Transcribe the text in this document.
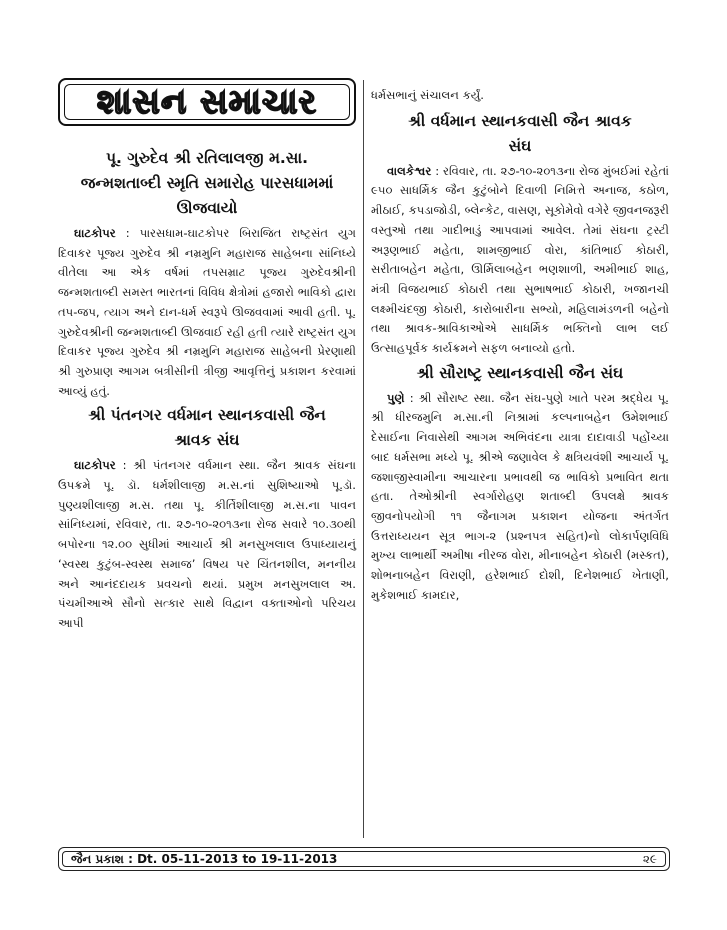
શાસન સમાચાર
પૂ. ગુરુદેવ શ્રી રતિલાલજી મ.સા. જન્મશતાબ્દી સ્મૃતિ સમારોહ પારસધામમાં ઊજવાયો

ઘાટકોપર : પારસધામ-ઘાટકોપર બિરાજિત રાષ્ટ્રસંત યુગ દિવાકર પૂજ્ય ગુરુદેવ શ્રી નમ્રમુનિ મહારાજ સાહેબના સાંનિધ્યે વીતેલા આ એક વર્ષમાં તપસમ્રાટ પૂજ્ય ગુરુદેવશ્રીની જન્મશતાબ્દી સમસ્ત ભારતનાં વિવિધ ક્ષેત્રોમાં હજારો ભાવિકો દ્વારા તપ-જપ, ત્યાગ અને દાન-ધર્મ સ્વરૂપે ઊજવવામાં આવી હતી. પૂ. ગુરુદેવશ્રીની જન્મશતાબ્દી ઊજવાઈ રહી હતી ત્યારે રાષ્ટ્રસંત યુગ દિવાકર પૂજ્ય ગુરુદેવ શ્રી નમ્રમુનિ મહારાજ સાહેબની પ્રેરણાથી શ્રી ગુરુપ્રાણ આગમ બત્રીસીની ત્રીજી આવૃત્તિનું પ્રકાશન કરવામાં આવ્યું હતું.

શ્રી પંતનગર વર્ધમાન સ્થાનકવાસી જૈન શ્રાવક સંઘ

ઘાટકોપર : શ્રી પંતનગર વર્ધમાન સ્થા. જૈન શ્રાવક સંઘના ઉપક્રમે પૂ. ડૉ. ધર્મશીલાજી મ.સ.નાં સુશિષ્યાઓ પૂ.ડૉ. પુણ્યશીલાજી મ.સ. તથા પૂ. કીર્તિશીલાજી મ.સ.ના પાવન સાંનિધ્યમાં, રવિવાર, તા. ૨૭-૧૦-૨૦૧૩ના રોજ સવારે ૧૦.૩૦થી બપોરના ૧૨.૦૦ સુધીમાં આચાર્ય શ્રી મનસુખલાલ ઉપાધ્યાયનું ‘સ્વસ્થ કુટુંબ-સ્વસ્થ સમાજ’ વિષય પર ચિંતનશીલ, મનનીય અને આનંદદાયક પ્રવચનો થયાં. પ્રમુખ મનસુખલાલ અ. પંચમીઆએ સૌનો સત્કાર સાથે વિદ્વાન વક્તાઓનો પરિચય આપી

ધર્મસભાનું સંચાલન કર્યું.

શ્રી વર્ધમાન સ્થાનકવાસી જૈન શ્રાવક સંઘ

વાલકેશ્વર : રવિવાર, તા. ૨૭-૧૦-૨૦૧૩ના રોજ મુંબઈમાં રહેતાં ૯૫૦ સાધર્મિક જૈન કુટુંબોને દિવાળી નિમિત્તે અનાજ, કઠોળ, મીઠાઈ, કપડાજોડી, બ્લેન્કેટ, વાસણ, સૂકોમેવો વગેરે જીવનજરૂરી વસ્તુઓ તથા ગાદીભાડું આપવામાં આવેલ. તેમાં સંઘના ટ્રસ્ટી અરૂણભાઈ મહેતા, શામજીભાઈ વોરા, કાંતિભાઈ કોઠારી, સરીતાબહેન મહેતા, ઊર્મિલાબહેન ભણશાળી, અમીભાઈ શાહ, મંત્રી વિજયભાઈ કોઠારી તથા સુભાષભાઈ કોઠારી, ખજાનચી લક્ષ્મીચંદજી કોઠારી, કારોબારીના સભ્યો, મહિલામંડળની બહેનો તથા શ્રાવક-શ્રાવિકાઓએ સાધર્મિક ભક્તિનો લાભ લઈ ઉત્સાહપૂર્વક કાર્યક્રમને સફળ બનાવ્યો હતો.

શ્રી સૌરાષ્ટ્ર સ્થાનકવાસી જૈન સંઘ

પુણે : શ્રી સૌરાષ્ટ સ્થા. જૈન સંઘ-પુણે ખાતે પરમ શ્રદ્ધેય પૂ. શ્રી ધીરજમુનિ મ.સા.ની નિશ્રામાં કલ્પનાબહેન ઉમેશભાઈ દેસાઈના નિવાસેથી આગમ અભિવંદના યાત્રા દાદાવાડી પહોંચ્યા બાદ ધર્મસભા મધ્યે પૂ. શ્રીએ જણાવેલ કે ક્ષત્રિયવંશી આચાર્ય પૂ. જશાજીસ્વામીના આચારના પ્રભાવથી જ ભાવિકો પ્રભાવિત થતા હતા. તેઓશ્રીની સ્વર્ગારોહણ શતાબ્દી ઉપલક્ષે શ્રાવક જીવનોપયોગી ૧૧ જૈનાગમ પ્રકાશન યોજના અંતર્ગત ઉત્તરાધ્યયન સૂત્ર ભાગ-૨ (પ્રશ્નપત્ર સહિત)નો લોકાર્પણવિધિ મુખ્ય લાભાર્થી અમીષા નીરજ વોરા, મીનાબહેન કોઠારી (મસ્કત), શોભનાબહેન વિરાણી, હરેશભાઈ દોશી, દિનેશભાઈ ખેતાણી, મુકેશભાઈ કામદાર,

જૈન પ્રકાશ : Dt. 05-11-2013 to 19-11-2013	૨૯
